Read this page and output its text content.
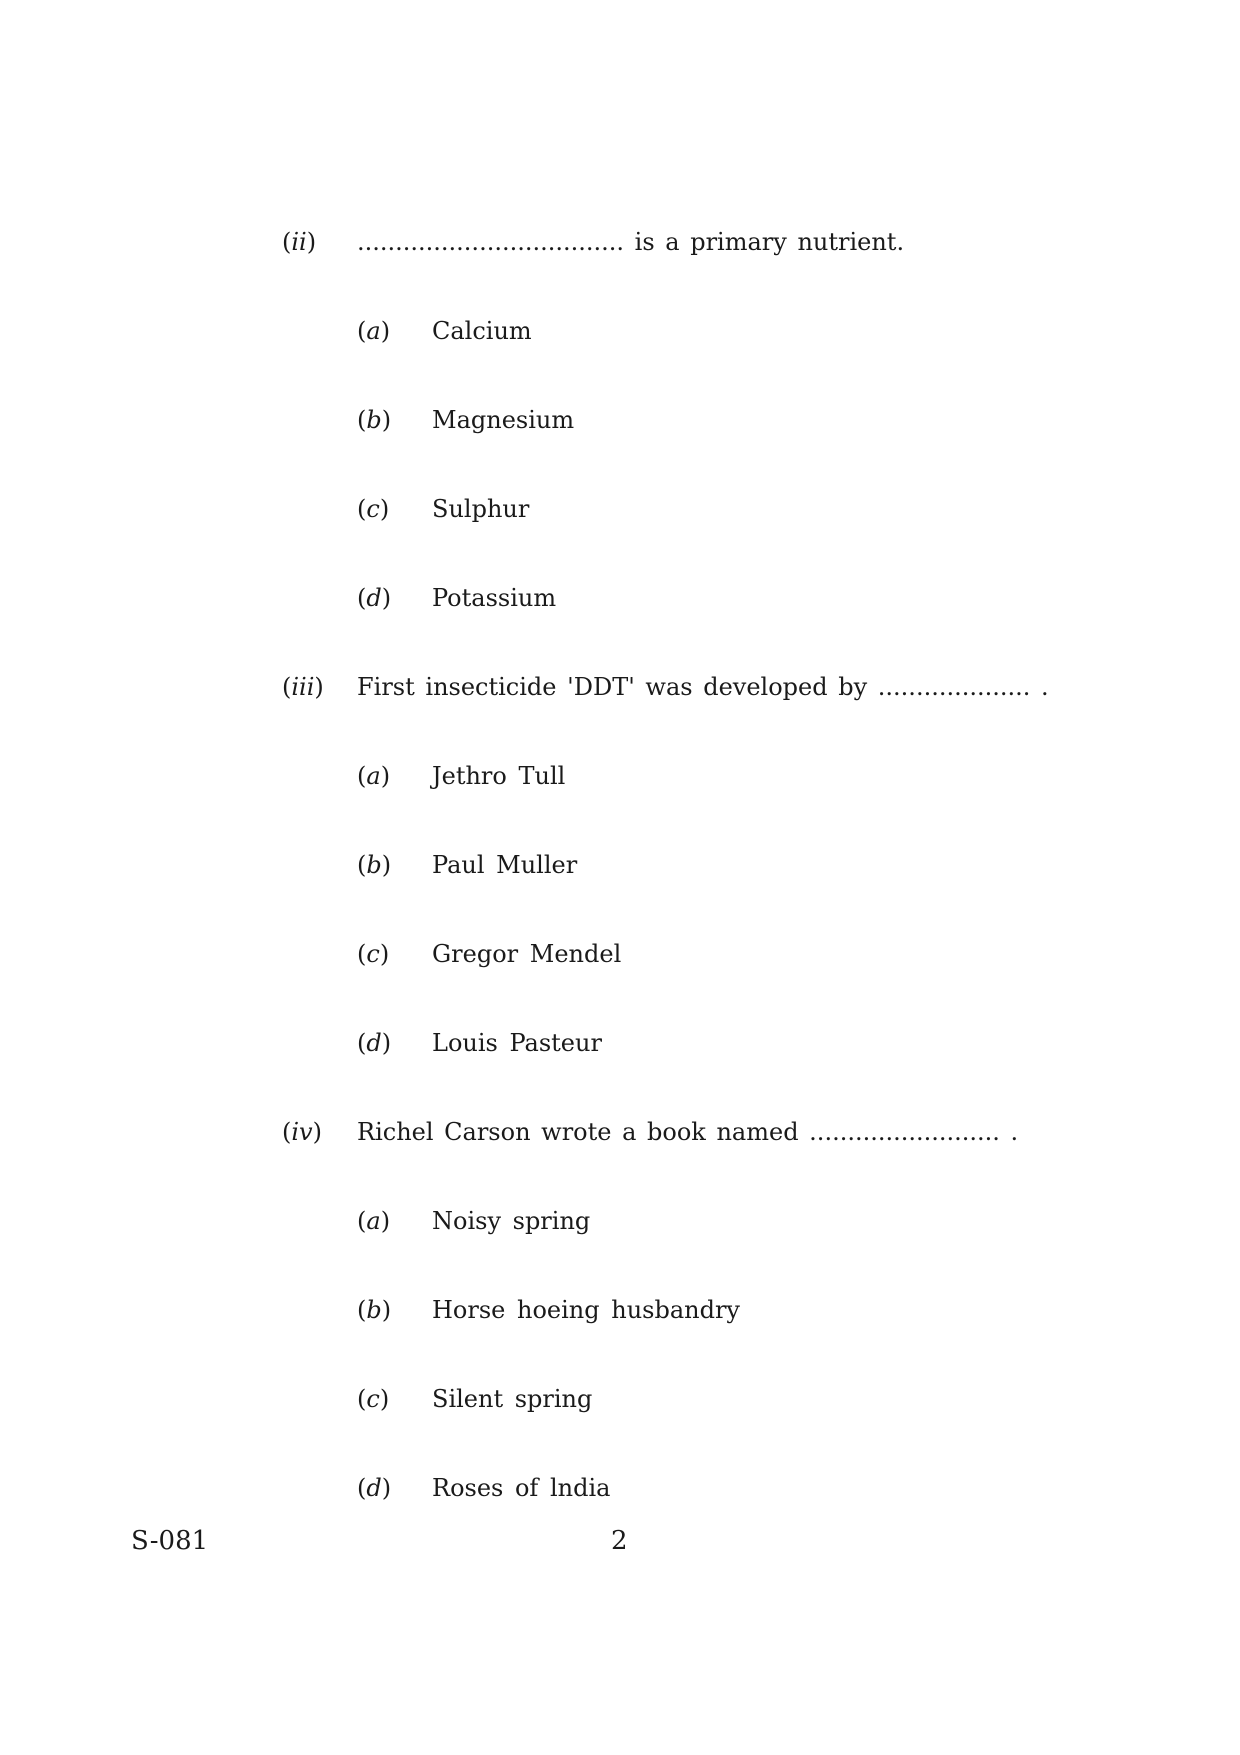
(ii) ................................... is a primary nutrient.
(a) Calcium
(b) Magnesium
(c) Sulphur
(d) Potassium
(iii) First insecticide 'DDT' was developed by .................... .
(a) Jethro Tull
(b) Paul Muller
(c) Gregor Mendel
(d) Louis Pasteur
(iv) Richel Carson wrote a book named ......................... .
(a) Noisy spring
(b) Horse hoeing husbandry
(c) Silent spring
(d) Roses of lndia
S-081	2
